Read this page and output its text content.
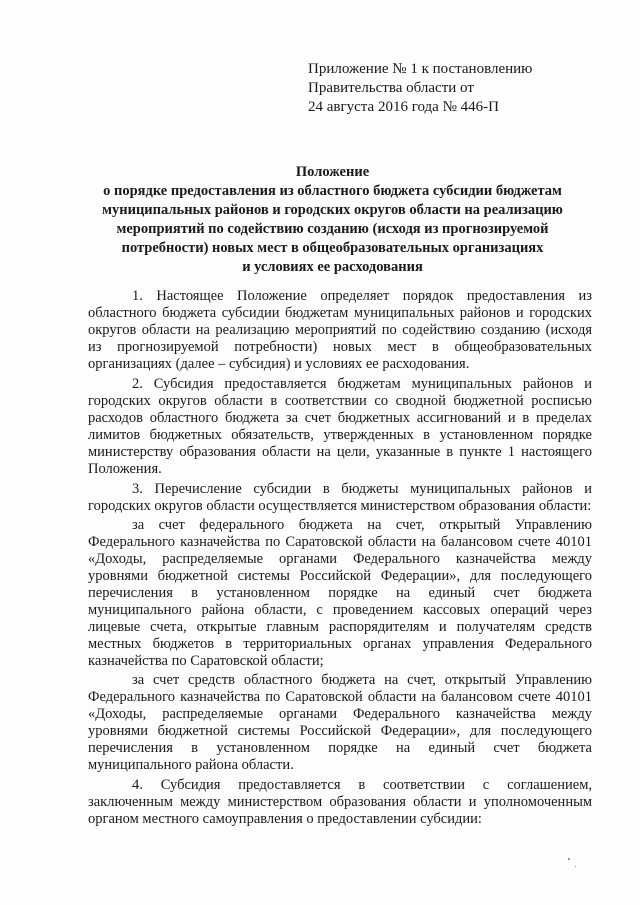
Приложение № 1 к постановлению
Правительства области от
24 августа 2016 года № 446-П
Положение
о порядке предоставления из областного бюджета субсидии бюджетам
муниципальных районов и городских округов области на реализацию
мероприятий по содействию созданию (исходя из прогнозируемой
потребности) новых мест в общеобразовательных организациях
и условиях ее расходования

1. Настоящее Положение определяет порядок предоставления из областного бюджета субсидии бюджетам муниципальных районов и городских округов области на реализацию мероприятий по содействию созданию (исходя из прогнозируемой потребности) новых мест в общеобразовательных организациях (далее – субсидия) и условиях ее расходования.

2. Субсидия предоставляется бюджетам муниципальных районов и городских округов области в соответствии со сводной бюджетной росписью расходов областного бюджета за счет бюджетных ассигнований и в пределах лимитов бюджетных обязательств, утвержденных в установленном порядке министерству образования области на цели, указанные в пункте 1 настоящего Положения.

3. Перечисление субсидии в бюджеты муниципальных районов и городских округов области осуществляется министерством образования области:

за счет федерального бюджета на счет, открытый Управлению Федерального казначейства по Саратовской области на балансовом счете 40101 «Доходы, распределяемые органами Федерального казначейства между уровнями бюджетной системы Российской Федерации», для последующего перечисления в установленном порядке на единый счет бюджета муниципального района области, с проведением кассовых операций через лицевые счета, открытые главным распорядителям и получателям средств местных бюджетов в территориальных органах управления Федерального казначейства по Саратовской области;

за счет средств областного бюджета на счет, открытый Управлению Федерального казначейства по Саратовской области на балансовом счете 40101 «Доходы, распределяемые органами Федерального казначейства между уровнями бюджетной системы Российской Федерации», для последующего перечисления в установленном порядке на единый счет бюджета муниципального района области.

4. Субсидия предоставляется в соответствии с соглашением, заключенным между министерством образования области и уполномоченным органом местного самоуправления о предоставлении субсидии:
